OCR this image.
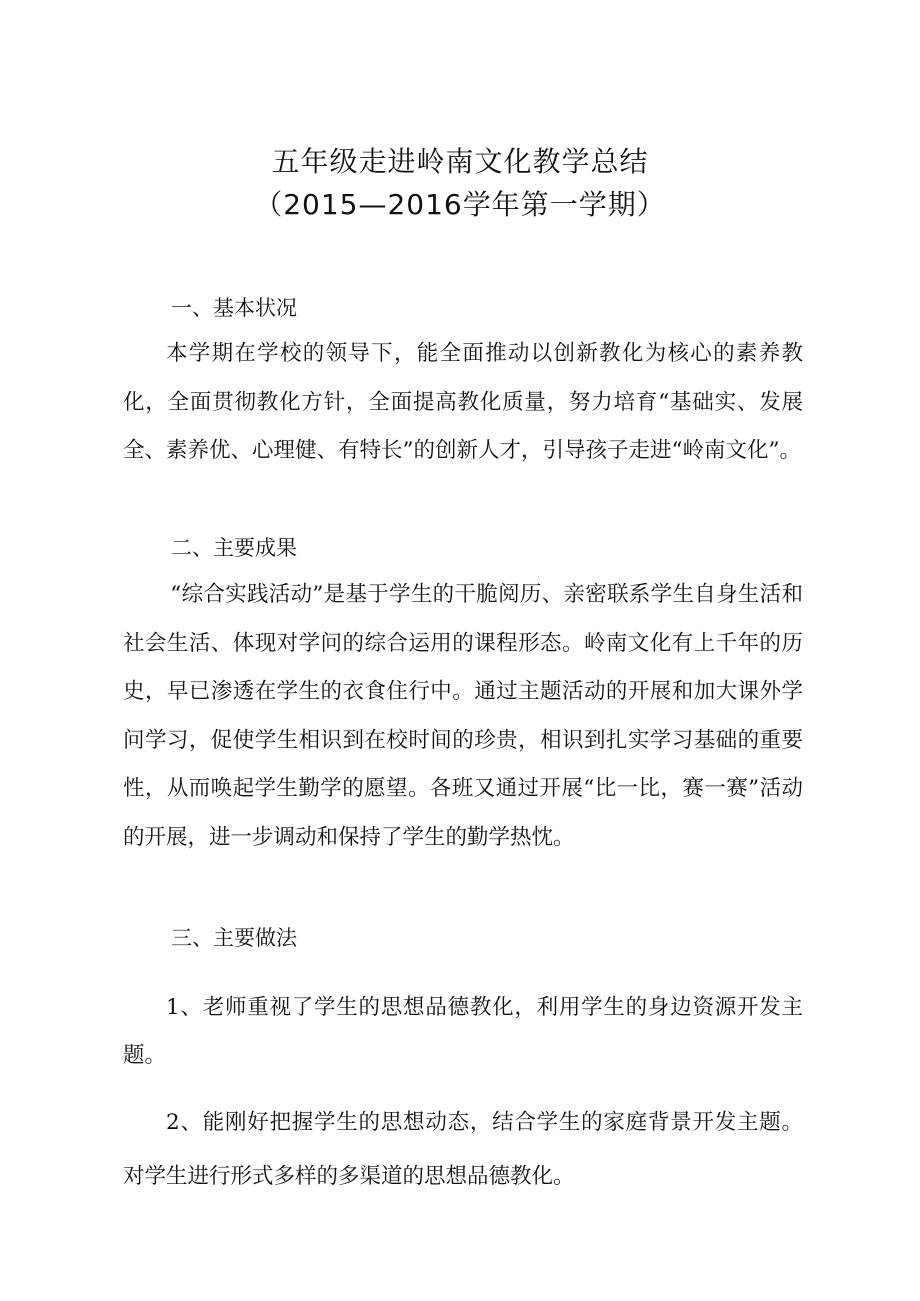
五年级走进岭南文化教学总结
（2015—2016学年第一学期）
一、基本状况

本学期在学校的领导下，能全面推动以创新教化为核心的素养教化，全面贯彻教化方针，全面提高教化质量，努力培育“基础实、发展全、素养优、心理健、有特长”的创新人才，引导孩子走进“岭南文化”。

二、主要成果

“综合实践活动”是基于学生的干脆阅历、亲密联系学生自身生活和社会生活、体现对学问的综合运用的课程形态。岭南文化有上千年的历史，早已渗透在学生的衣食住行中。通过主题活动的开展和加大课外学问学习，促使学生相识到在校时间的珍贵，相识到扎实学习基础的重要性，从而唤起学生勤学的愿望。各班又通过开展“比一比，赛一赛”活动的开展，进一步调动和保持了学生的勤学热忱。

三、主要做法

1、老师重视了学生的思想品德教化，利用学生的身边资源开发主题。

2、能刚好把握学生的思想动态，结合学生的家庭背景开发主题。对学生进行形式多样的多渠道的思想品德教化。
